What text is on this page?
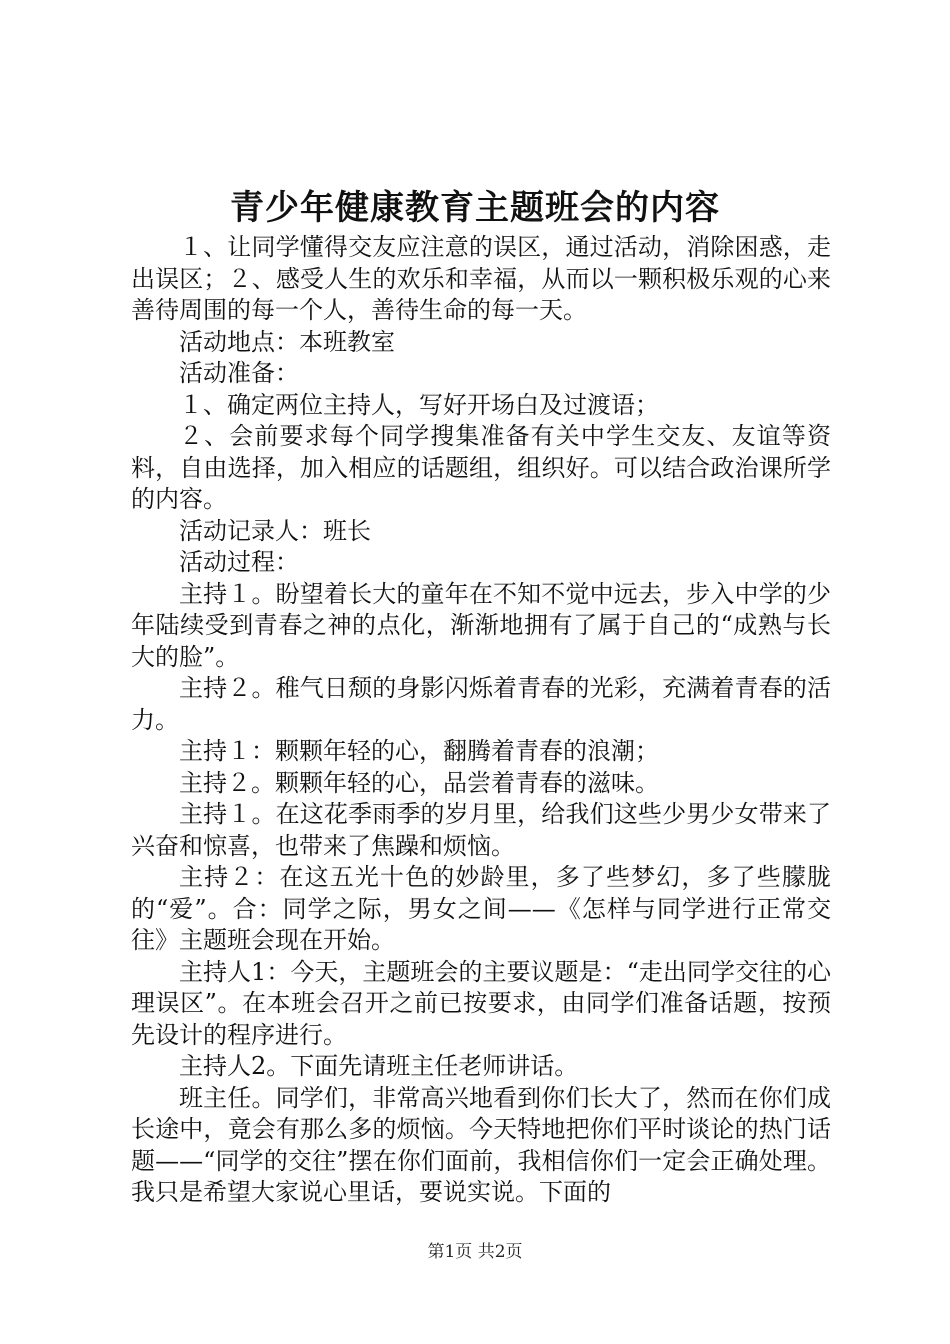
青少年健康教育主题班会的内容

１、让同学懂得交友应注意的误区，通过活动，消除困惑，走出误区；２、感受人生的欢乐和幸福，从而以一颗积极乐观的心来善待周围的每一个人，善待生命的每一天。

活动地点：本班教室

活动准备：

１、确定两位主持人，写好开场白及过渡语；

２、会前要求每个同学搜集准备有关中学生交友、友谊等资料，自由选择，加入相应的话题组，组织好。可以结合政治课所学的内容。

活动记录人：班长

活动过程：

主持１。盼望着长大的童年在不知不觉中远去，步入中学的少年陆续受到青春之神的点化，渐渐地拥有了属于自己的“成熟与长大的脸”。

主持２。稚气日颓的身影闪烁着青春的光彩，充满着青春的活力。

主持１：颗颗年轻的心，翻腾着青春的浪潮；

主持２。颗颗年轻的心，品尝着青春的滋味。

主持１。在这花季雨季的岁月里，给我们这些少男少女带来了兴奋和惊喜，也带来了焦躁和烦恼。

主持２：在这五光十色的妙龄里，多了些梦幻，多了些朦胧的“爱”。合：同学之际，男女之间——《怎样与同学进行正常交往》主题班会现在开始。

主持人1：今天，主题班会的主要议题是：“走出同学交往的心理误区”。在本班会召开之前已按要求，由同学们准备话题，按预先设计的程序进行。

主持人2。下面先请班主任老师讲话。

班主任。同学们，非常高兴地看到你们长大了，然而在你们成长途中，竟会有那么多的烦恼。今天特地把你们平时谈论的热门话题——“同学的交往”摆在你们面前，我相信你们一定会正确处理。我只是希望大家说心里话，要说实说。下面的

第1页 共2页
